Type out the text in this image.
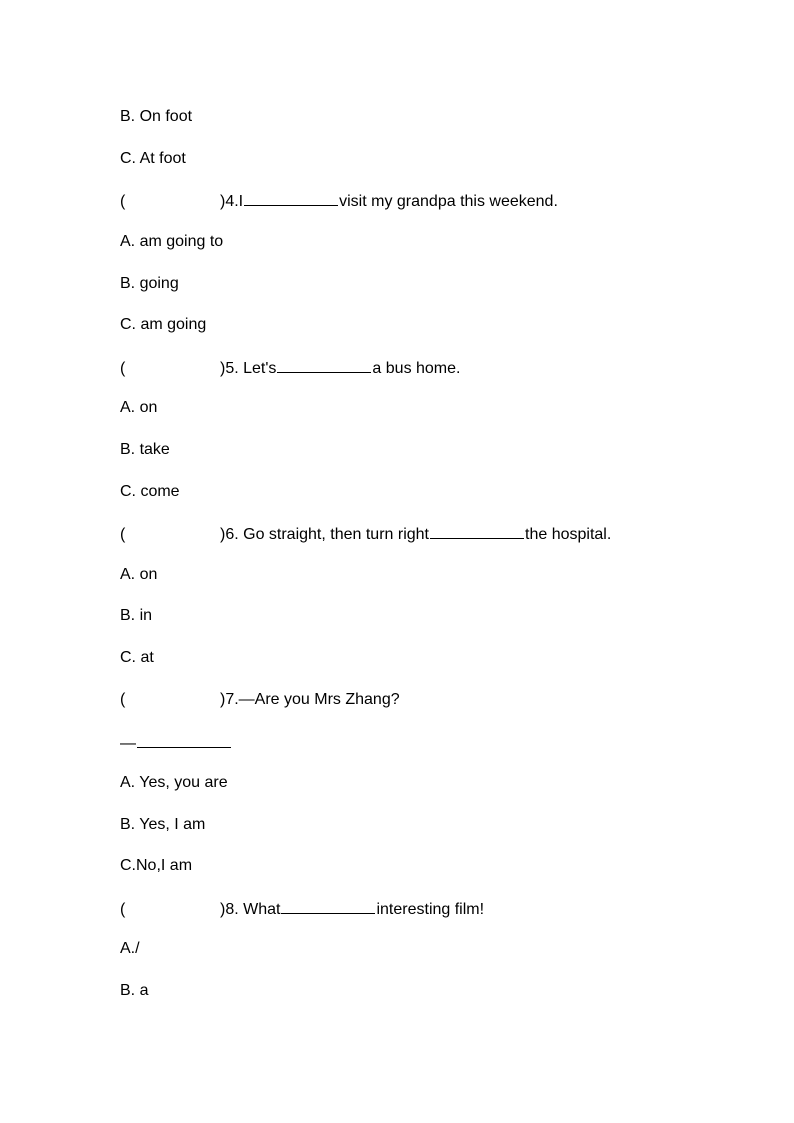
B. On foot
C. At foot
(	)4.I	visit my grandpa this weekend.
A. am going to
B. going
C. am going
(	)5. Let's	a bus home.
A. on
B. take
C. come
(	)6. Go straight, then turn right	the hospital.
A. on
B. in
C. at
(	)7.—Are you Mrs Zhang?
—
A. Yes, you are
B. Yes, I am
C.No,I am
(	)8. What	interesting film!
A./
B. a
